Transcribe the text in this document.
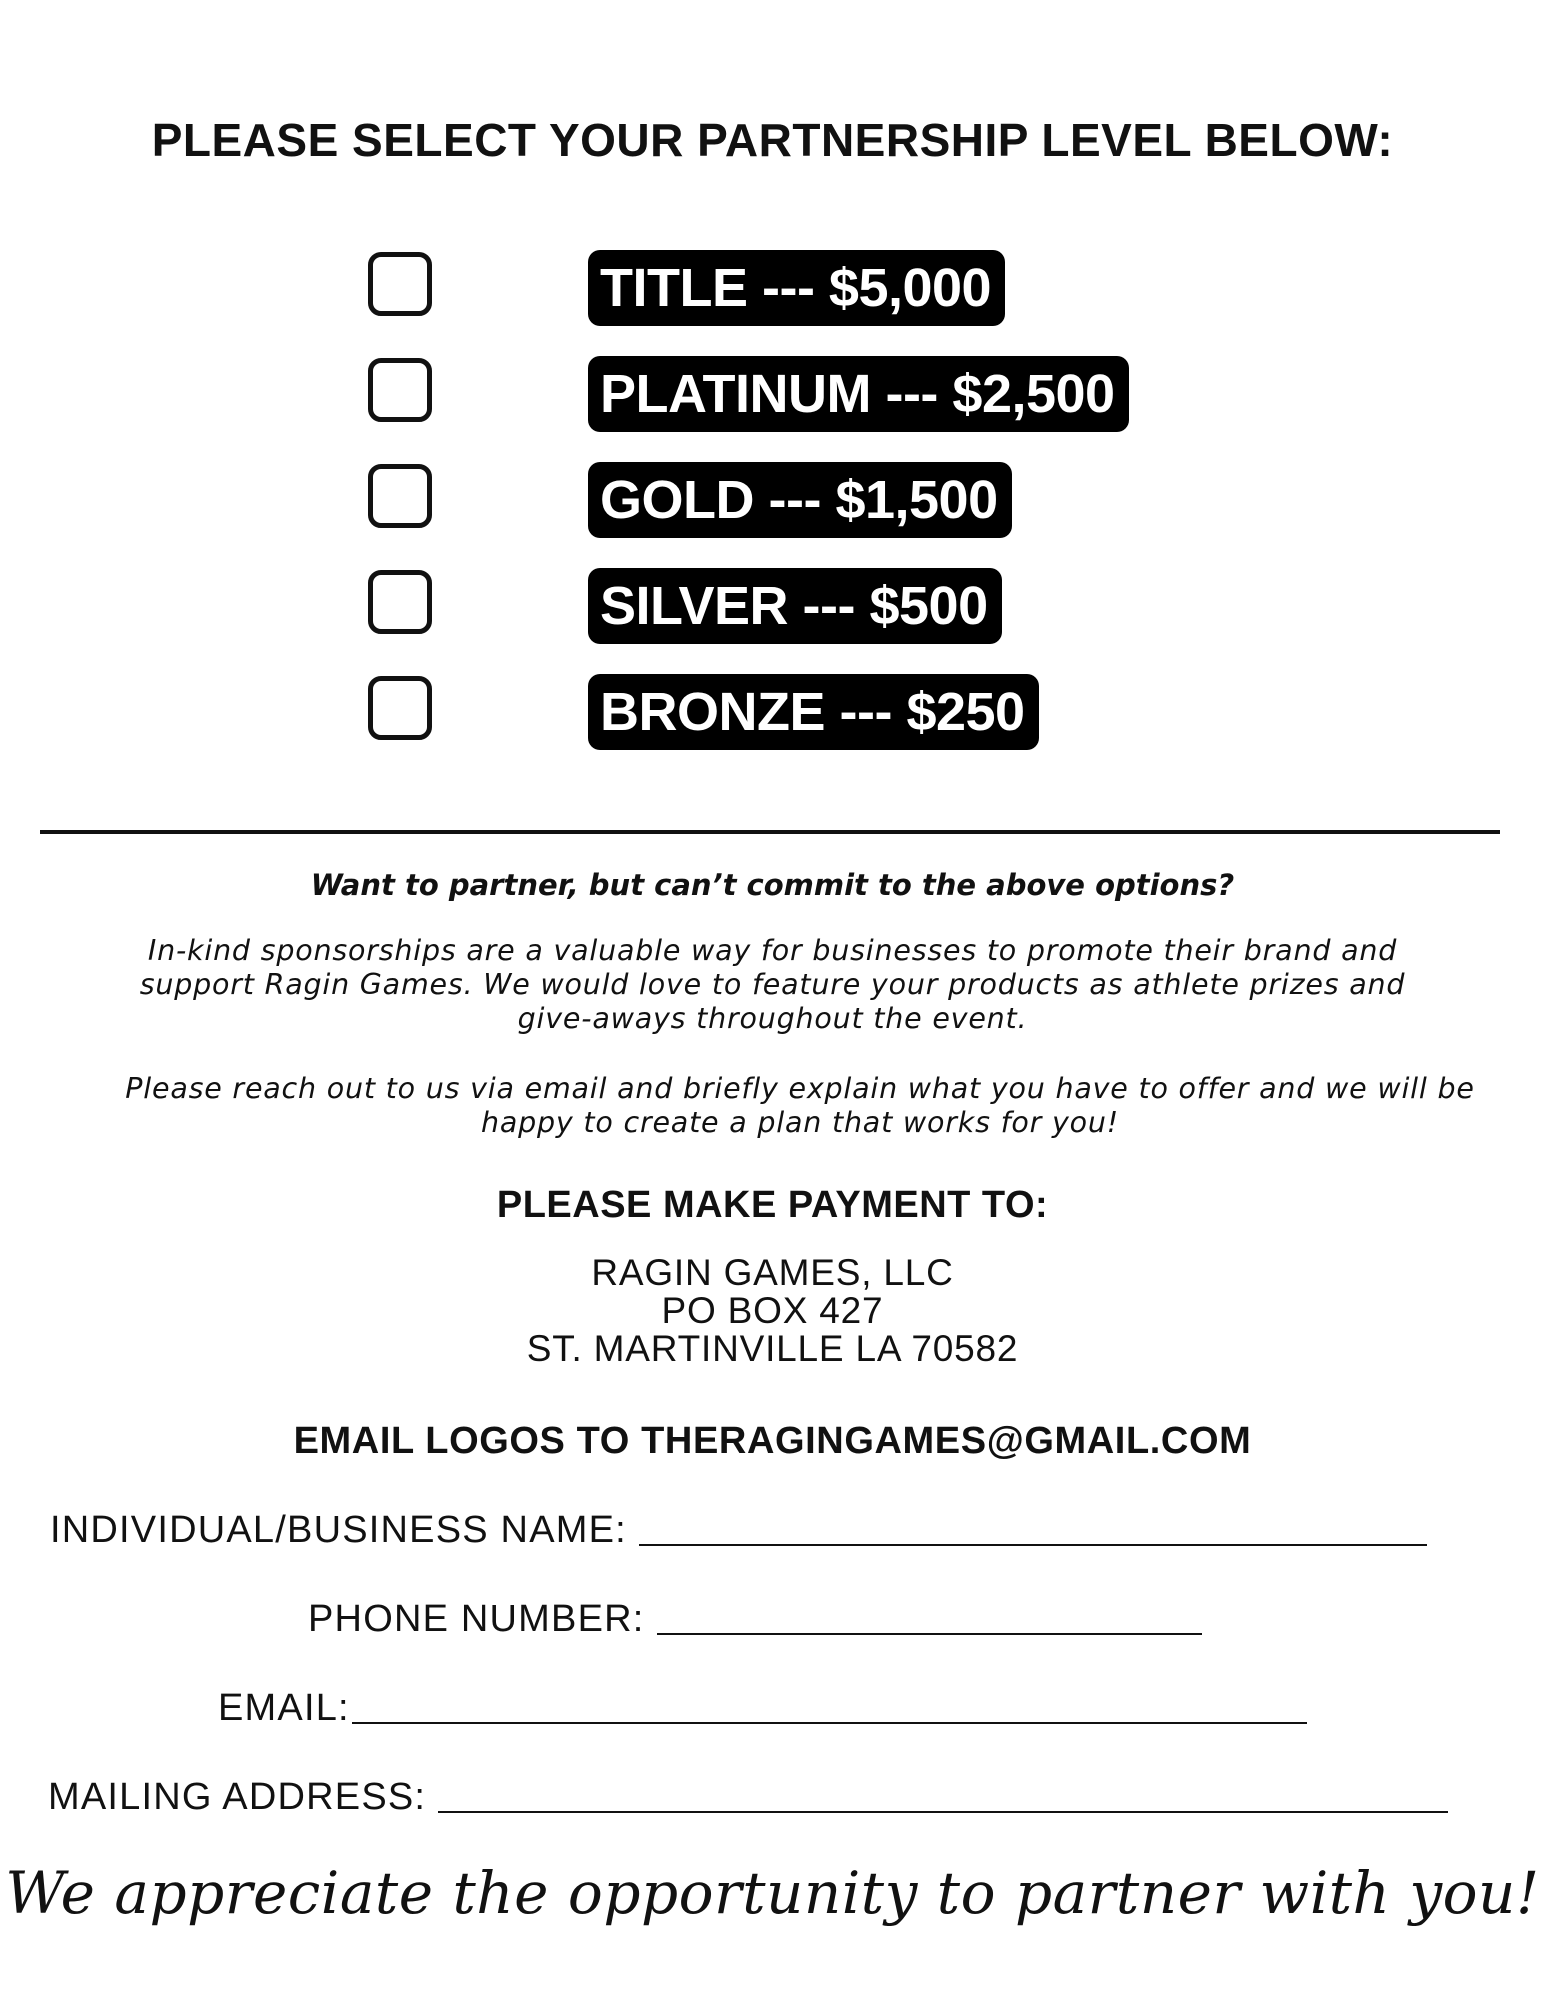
PLEASE SELECT YOUR PARTNERSHIP LEVEL BELOW:
TITLE --- $5,000
PLATINUM --- $2,500
GOLD --- $1,500
SILVER --- $500
BRONZE --- $250
Want to partner, but can’t commit to the above options?
In-kind sponsorships are a valuable way for businesses to promote their brand and support Ragin Games. We would love to feature your products as athlete prizes and give-aways throughout the event.
Please reach out to us via email and briefly explain what you have to offer and we will be happy to create a plan that works for you!
PLEASE MAKE PAYMENT TO:
RAGIN GAMES, LLC
PO BOX 427
ST. MARTINVILLE LA 70582
EMAIL LOGOS TO THERAGINGAMES@GMAIL.COM
INDIVIDUAL/BUSINESS NAME:
PHONE NUMBER:
EMAIL:
MAILING ADDRESS:
We appreciate the opportunity to partner with you!
